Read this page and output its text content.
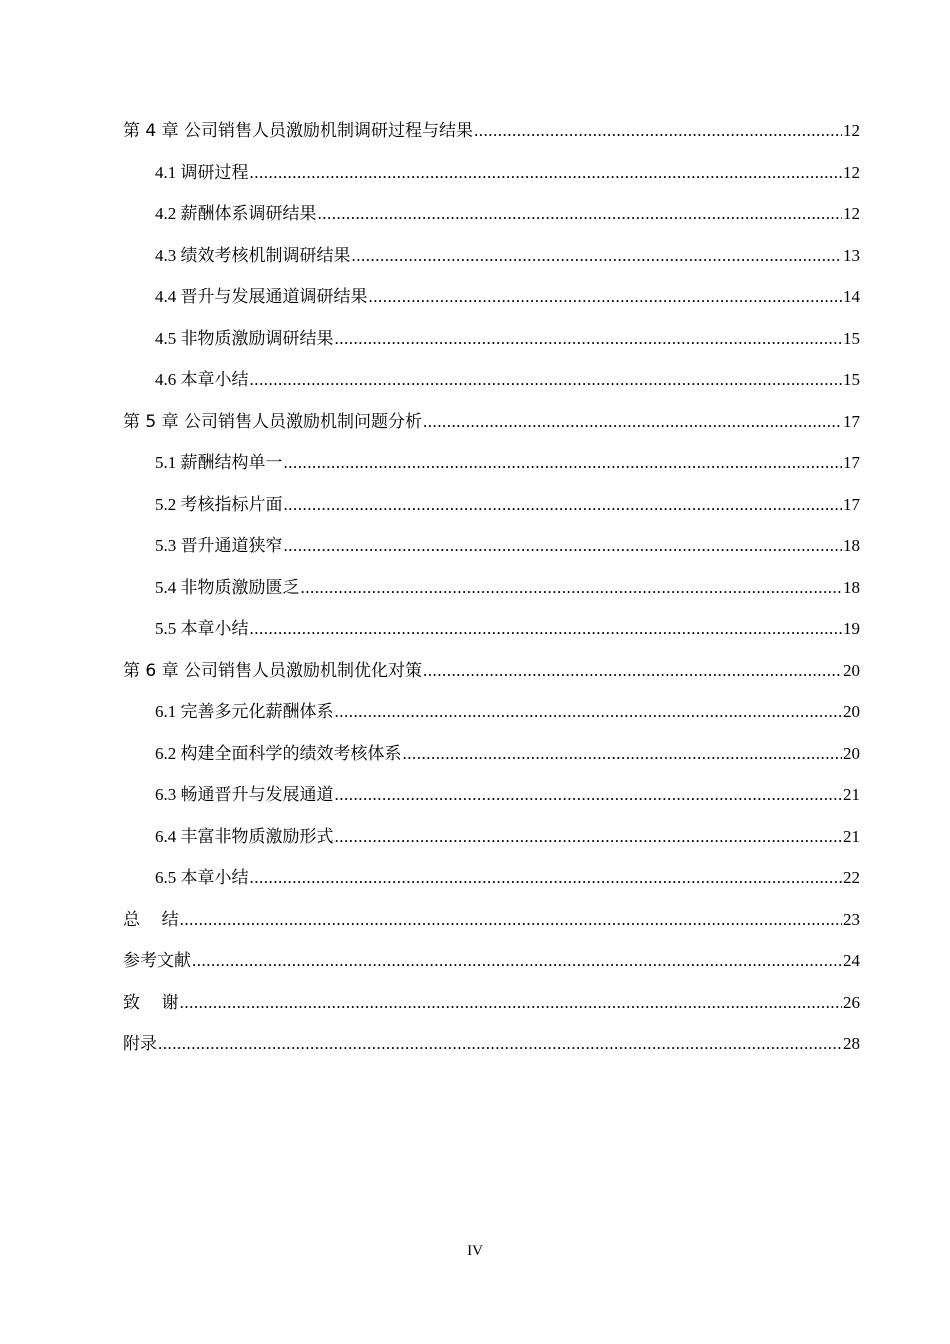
第 4 章 公司销售人员激励机制调研过程与结果 .....	12
4.1 调研过程 .....	12
4.2 薪酬体系调研结果 .....	12
4.3 绩效考核机制调研结果 .....	13
4.4 晋升与发展通道调研结果 .....	14
4.5 非物质激励调研结果 .....	15
4.6 本章小结 .....	15
第 5 章 公司销售人员激励机制问题分析 .....	17
5.1 薪酬结构单一 .....	17
5.2 考核指标片面 .....	17
5.3 晋升通道狭窄 .....	18
5.4 非物质激励匮乏 .....	18
5.5 本章小结 .....	19
第 6 章 公司销售人员激励机制优化对策 .....	20
6.1 完善多元化薪酬体系 .....	20
6.2 构建全面科学的绩效考核体系 .....	20
6.3 畅通晋升与发展通道 .....	21
6.4 丰富非物质激励形式 .....	21
6.5 本章小结 .....	22
总    结 .....	23
参考文献 .....	24
致    谢 .....	26
附录 .....	28
IV
